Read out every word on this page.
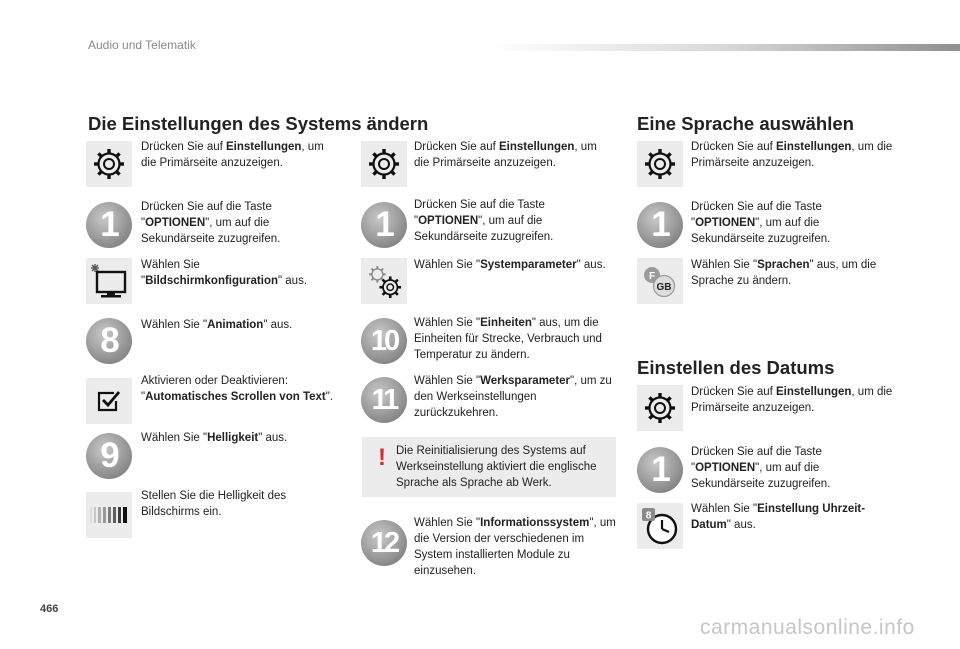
Audio und Telematik
Die Einstellungen des Systems ändern	Eine Sprache auswählen
Einstellen des Datums
Drücken Sie auf Einstellungen, um die Primärseite anzuzeigen.
1	Drücken Sie auf die Taste "OPTIONEN", um auf die Sekundärseite zuzugreifen.
Wählen Sie "Bildschirmkonfiguration" aus.
8	Wählen Sie "Animation" aus.
Aktivieren oder Deaktivieren: "Automatisches Scrollen von Text".
9	Wählen Sie "Helligkeit" aus.
Stellen Sie die Helligkeit des Bildschirms ein.
Drücken Sie auf Einstellungen, um die Primärseite anzuzeigen.
1	Drücken Sie auf die Taste "OPTIONEN", um auf die Sekundärseite zuzugreifen.
Wählen Sie "Systemparameter" aus.
10
Wählen Sie "Einheiten" aus, um die Einheiten für Strecke, Verbrauch und Temperatur zu ändern.
11
Wählen Sie "Werksparameter", um zu den Werkseinstellungen zurückzukehren.
! Die Reinitialisierung des Systems auf Werkseinstellung aktiviert die englische Sprache als Sprache ab Werk.
12
Wählen Sie "Informationssystem", um die Version der verschiedenen im System installierten Module zu einzusehen.
Drücken Sie auf Einstellungen, um die Primärseite anzuzeigen.
1	Drücken Sie auf die Taste "OPTIONEN", um auf die Sekundärseite zuzugreifen.
F
GB
Wählen Sie "Sprachen" aus, um die Sprache zu ändern.
Drücken Sie auf Einstellungen, um die Primärseite anzuzeigen.
1	Drücken Sie auf die Taste "OPTIONEN", um auf die Sekundärseite zuzugreifen.
8
Wählen Sie "Einstellung Uhrzeit-Datum" aus.
466
carmanualsonline.info
